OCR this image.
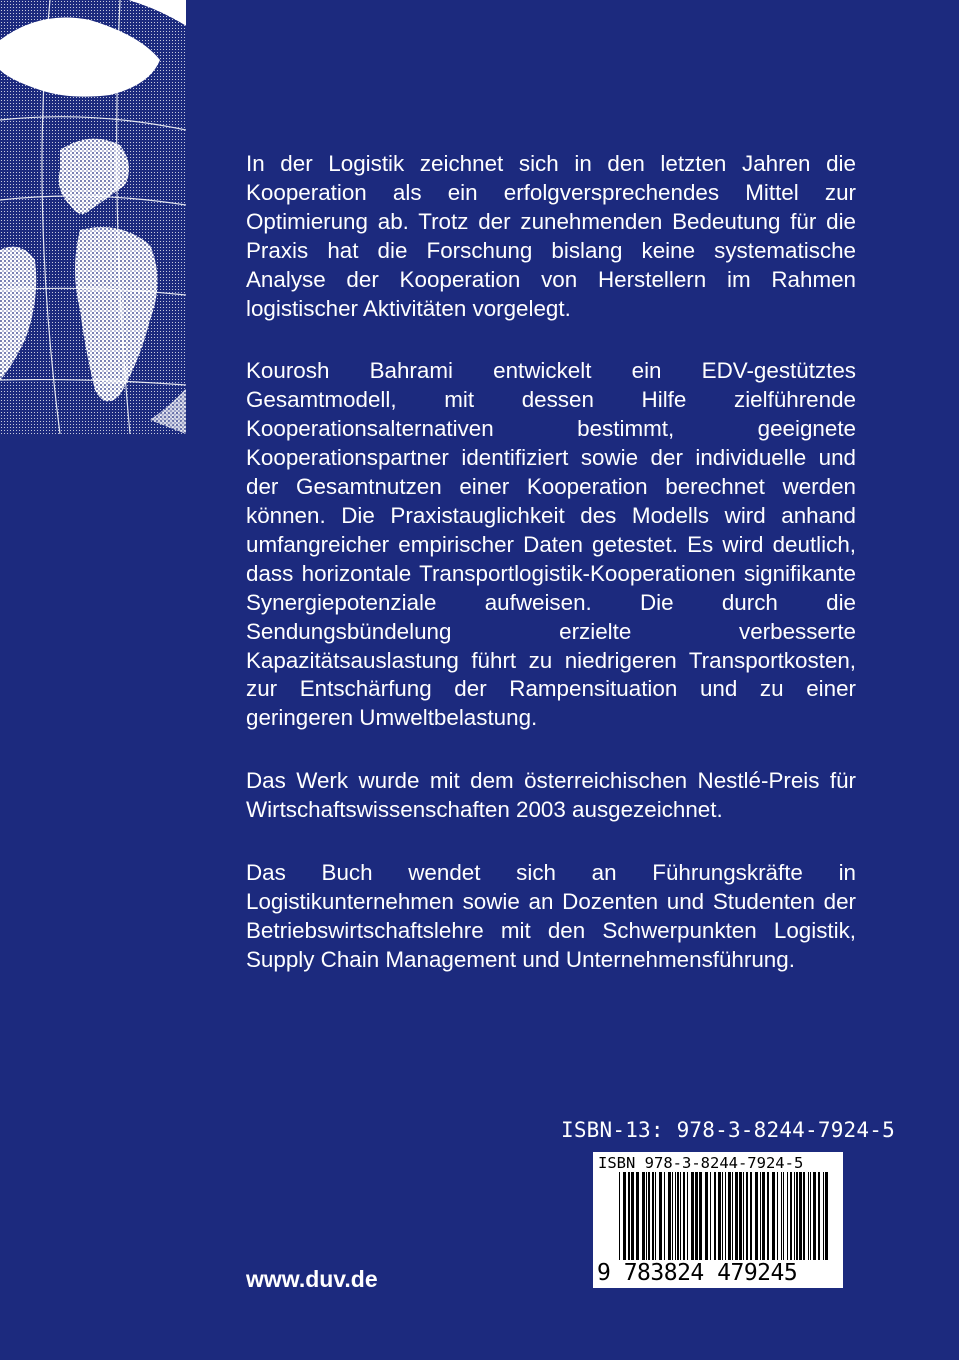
In der Logistik zeichnet sich in den letzten Jahren die Kooperation als ein erfolgversprechendes Mittel zur Optimierung ab. Trotz der zunehmenden Bedeutung für die Praxis hat die Forschung bislang keine systematische Analyse der Kooperation von Herstellern im Rahmen logistischer Aktivitäten vorgelegt.

Kourosh Bahrami entwickelt ein EDV-gestütztes Gesamtmodell, mit dessen Hilfe zielführende Kooperationsalternativen bestimmt, geeignete Kooperationspartner identifiziert sowie der individuelle und der Gesamtnutzen einer Kooperation berechnet werden können. Die Praxistauglichkeit des Modells wird anhand umfangreicher empirischer Daten getestet. Es wird deutlich, dass horizontale Transportlogistik-Kooperationen signifikante Synergiepotenziale aufweisen. Die durch die Sendungsbündelung erzielte verbesserte Kapazitätsauslastung führt zu niedrigeren Transportkosten, zur Entschärfung der Rampensituation und zu einer geringeren Umweltbelastung.

Das Werk wurde mit dem österreichischen Nestlé-Preis für Wirtschaftswissenschaften 2003 ausgezeichnet.

Das Buch wendet sich an Führungskräfte in Logistikunternehmen sowie an Dozenten und Studenten der Betriebswirtschaftslehre mit den Schwerpunkten Logistik, Supply Chain Management und Unternehmensführung.

ISBN-13: 978-3-8244-7924-5
ISBN 978-3-8244-7924-5
9 783824 479245
www.duv.de
